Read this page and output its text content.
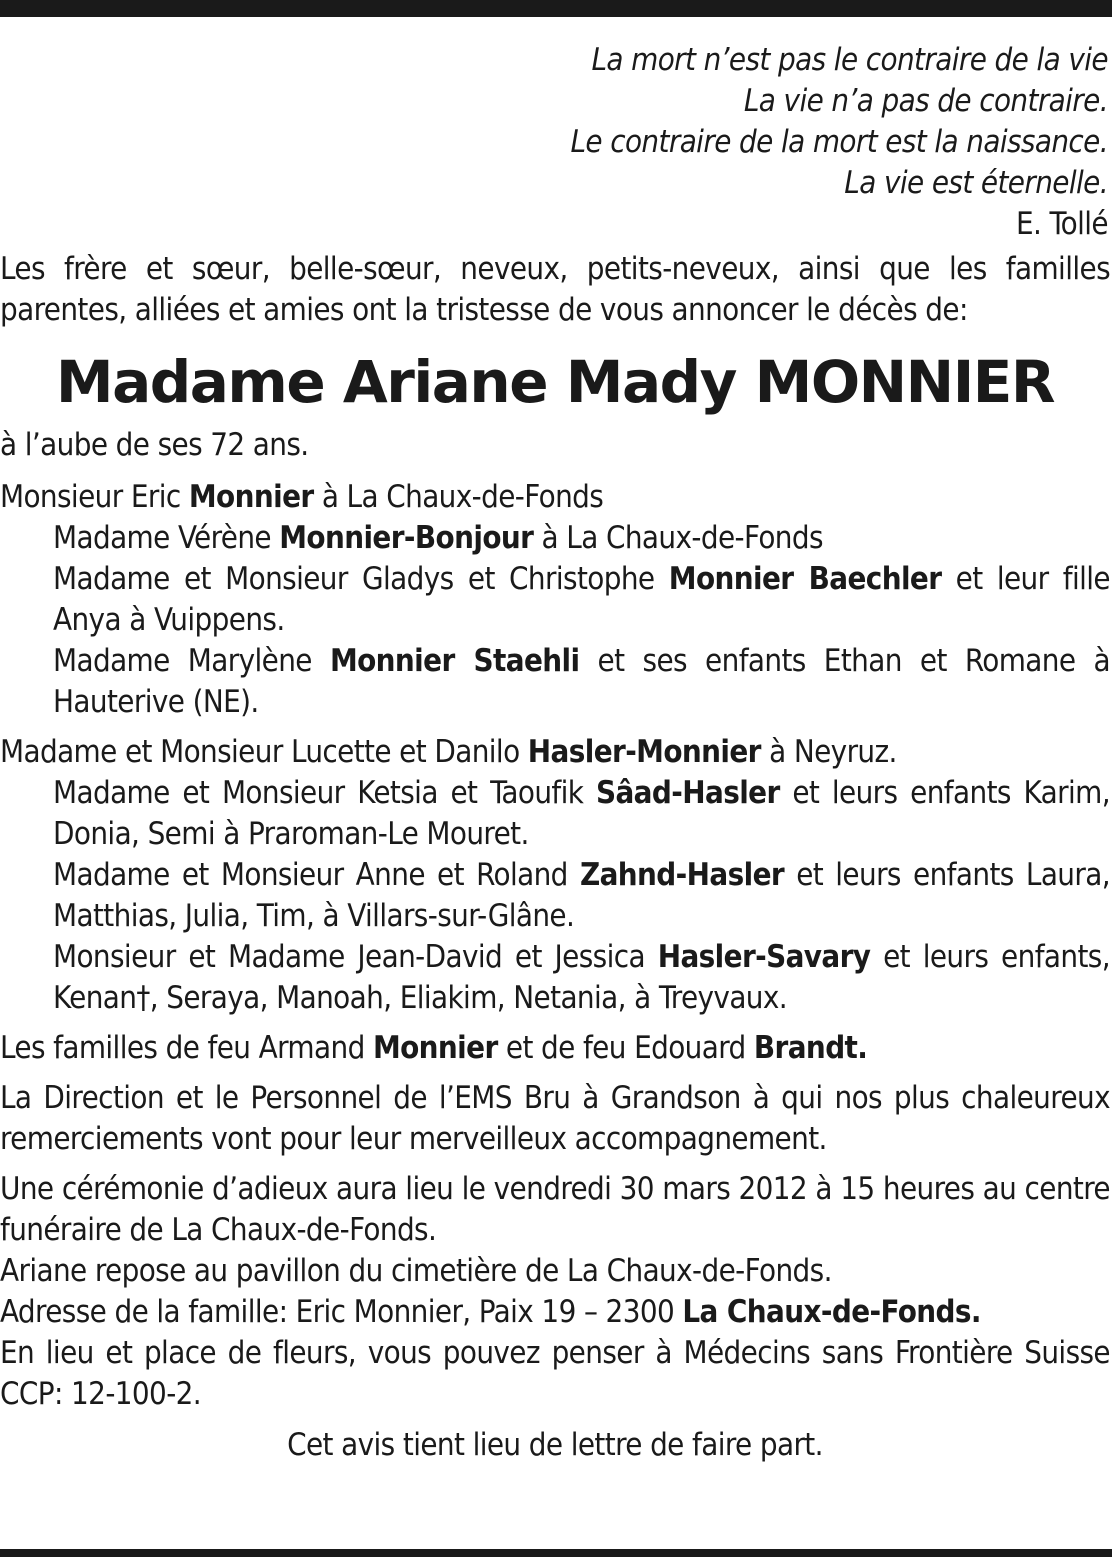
La mort n’est pas le contraire de la vie
La vie n’a pas de contraire.
Le contraire de la mort est la naissance.
La vie est éternelle.
E. Tollé

Les frère et sœur, belle-sœur, neveux, petits-neveux, ainsi que les familles parentes, alliées et amies ont la tristesse de vous annoncer le décès de:

Madame Ariane Mady MONNIER

à l’aube de ses 72 ans.

Monsieur Eric Monnier à La Chaux-de-Fonds

Madame Vérène Monnier-Bonjour à La Chaux-de-Fonds

Madame et Monsieur Gladys et Christophe Monnier Baechler et leur fille Anya à Vuippens.

Madame Marylène Monnier Staehli et ses enfants Ethan et Romane à Hauterive (NE).

Madame et Monsieur Lucette et Danilo Hasler-Monnier à Neyruz.

Madame et Monsieur Ketsia et Taoufik Sâad-Hasler et leurs enfants Karim, Donia, Semi à Praroman-Le Mouret.

Madame et Monsieur Anne et Roland Zahnd-Hasler et leurs enfants Laura, Matthias, Julia, Tim, à Villars-sur-Glâne.

Monsieur et Madame Jean-David et Jessica Hasler-Savary et leurs enfants, Kenan†, Seraya, Manoah, Eliakim, Netania, à Treyvaux.

Les familles de feu Armand Monnier et de feu Edouard Brandt.

La Direction et le Personnel de l’EMS Bru à Grandson à qui nos plus chaleureux remerciements vont pour leur merveilleux accompagnement.

Une cérémonie d’adieux aura lieu le vendredi 30 mars 2012 à 15 heures au centre funéraire de La Chaux-de-Fonds.

Ariane repose au pavillon du cimetière de La Chaux-de-Fonds.

Adresse de la famille: Eric Monnier, Paix 19 – 2300 La Chaux-de-Fonds.

En lieu et place de fleurs, vous pouvez penser à Médecins sans Frontière Suisse CCP: 12-100-2.

Cet avis tient lieu de lettre de faire part.
